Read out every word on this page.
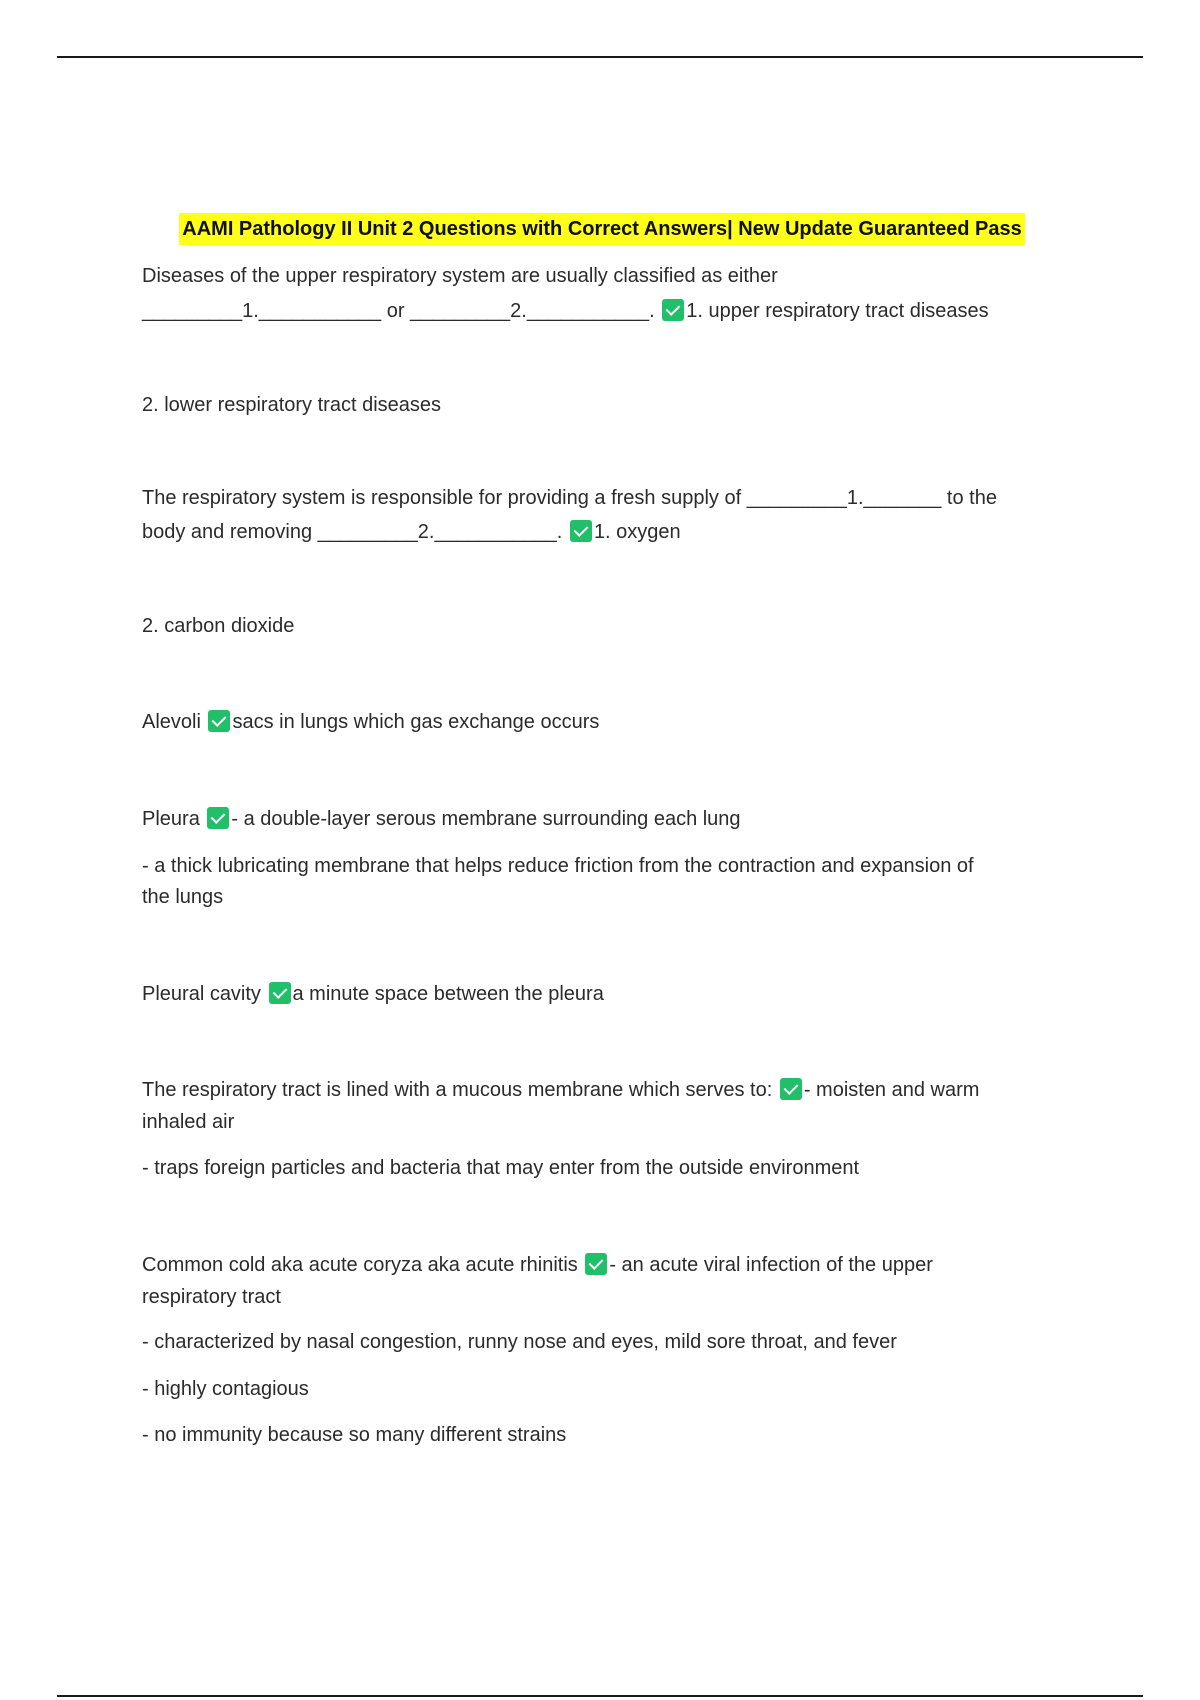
AAMI Pathology II Unit 2 Questions with Correct Answers| New Update Guaranteed Pass
Diseases of the upper respiratory system are usually classified as either
_________1.___________ or _________2.___________. 1. upper respiratory tract diseases
2. lower respiratory tract diseases
The respiratory system is responsible for providing a fresh supply of _________1._______ to the
body and removing _________2.___________. 1. oxygen
2. carbon dioxide
Alevoli sacs in lungs which gas exchange occurs
Pleura - a double-layer serous membrane surrounding each lung
- a thick lubricating membrane that helps reduce friction from the contraction and expansion of
the lungs
Pleural cavity a minute space between the pleura
The respiratory tract is lined with a mucous membrane which serves to: - moisten and warm
inhaled air
- traps foreign particles and bacteria that may enter from the outside environment
Common cold aka acute coryza aka acute rhinitis - an acute viral infection of the upper
respiratory tract
- characterized by nasal congestion, runny nose and eyes, mild sore throat, and fever
- highly contagious
- no immunity because so many different strains
